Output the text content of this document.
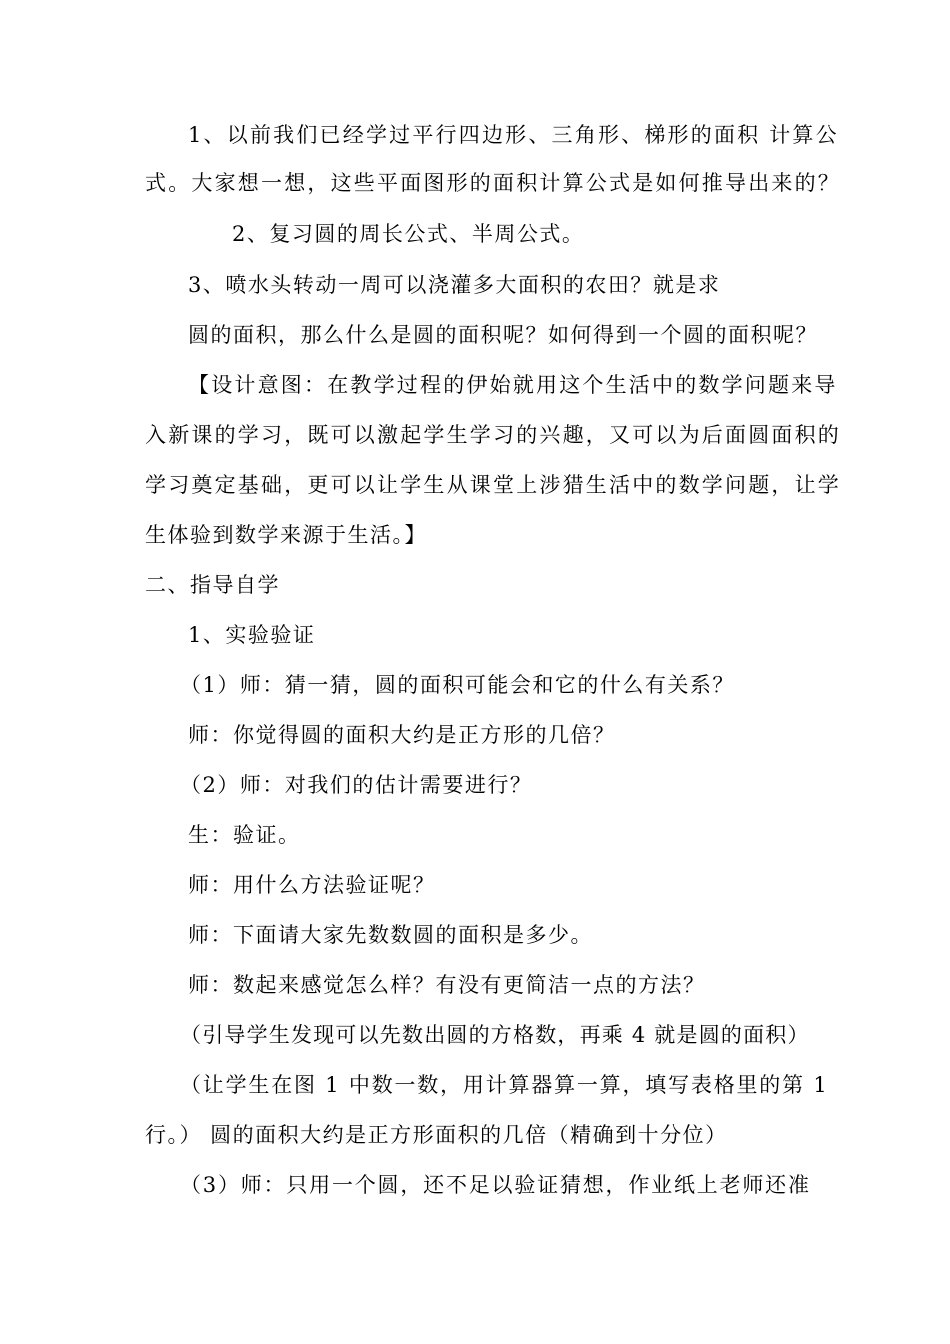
1、以前我们已经学过平行四边形、三角形、梯形的面积 计算公
式。大家想一想，这些平面图形的面积计算公式是如何推导出来的？
2、复习圆的周长公式、半周公式。
3、喷水头转动一周可以浇灌多大面积的农田？就是求
圆的面积，那么什么是圆的面积呢？如何得到一个圆的面积呢？
【设计意图：在教学过程的伊始就用这个生活中的数学问题来导
入新课的学习，既可以激起学生学习的兴趣，又可以为后面圆面积的
学习奠定基础，更可以让学生从课堂上涉猎生活中的数学问题，让学
生体验到数学来源于生活。】
二、指导自学
1、实验验证
（1）师：猜一猜，圆的面积可能会和它的什么有关系？
师：你觉得圆的面积大约是正方形的几倍？
（2）师：对我们的估计需要进行？
生：验证。
师：用什么方法验证呢？
师：下面请大家先数数圆的面积是多少。
师：数起来感觉怎么样？有没有更简洁一点的方法？
（引导学生发现可以先数出圆的方格数，再乘 4 就是圆的面积）
（让学生在图 1 中数一数，用计算器算一算，填写表格里的第 1
行。） 圆的面积大约是正方形面积的几倍（精确到十分位）
（3）师：只用一个圆，还不足以验证猜想，作业纸上老师还准
